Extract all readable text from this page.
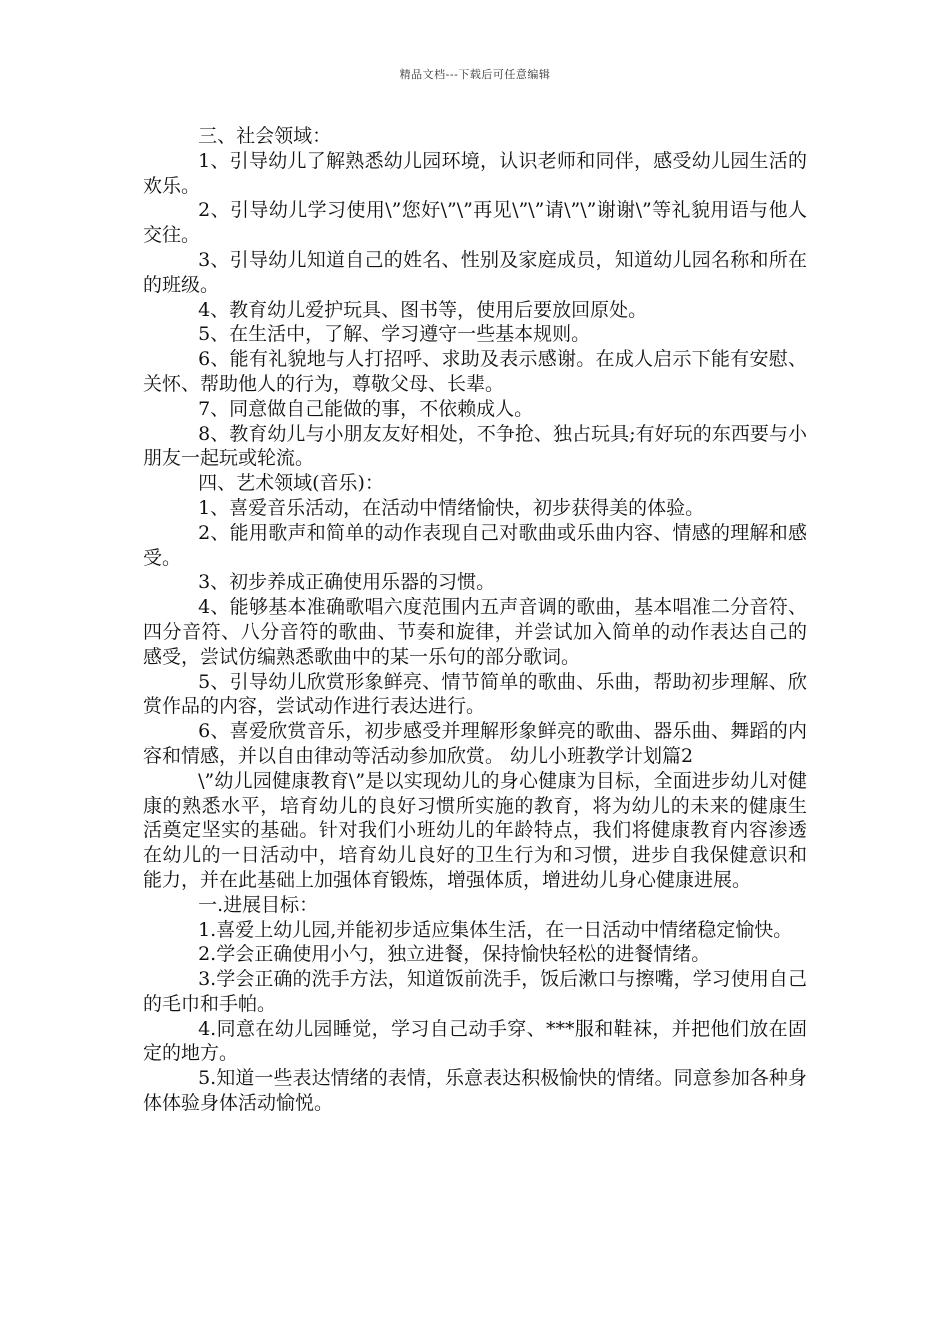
精品文档---下载后可任意编辑

三、社会领域：

1、引导幼儿了解熟悉幼儿园环境，认识老师和同伴，感受幼儿园生活的欢乐。

2、引导幼儿学习使用\”您好\”\”再见\”\”请\”\”谢谢\”等礼貌用语与他人交往。

3、引导幼儿知道自己的姓名、性别及家庭成员，知道幼儿园名称和所在的班级。

4、教育幼儿爱护玩具、图书等，使用后要放回原处。

5、在生活中，了解、学习遵守一些基本规则。

6、能有礼貌地与人打招呼、求助及表示感谢。在成人启示下能有安慰、关怀、帮助他人的行为，尊敬父母、长辈。

7、同意做自己能做的事，不依赖成人。

8、教育幼儿与小朋友友好相处，不争抢、独占玩具;有好玩的东西要与小朋友一起玩或轮流。

四、艺术领域(音乐)：

1、喜爱音乐活动，在活动中情绪愉快，初步获得美的体验。

2、能用歌声和简单的动作表现自己对歌曲或乐曲内容、情感的理解和感受。

3、初步养成正确使用乐器的习惯。

4、能够基本准确歌唱六度范围内五声音调的歌曲，基本唱准二分音符、四分音符、八分音符的歌曲、节奏和旋律，并尝试加入简单的动作表达自己的感受，尝试仿编熟悉歌曲中的某一乐句的部分歌词。

5、引导幼儿欣赏形象鲜亮、情节简单的歌曲、乐曲，帮助初步理解、欣赏作品的内容，尝试动作进行表达进行。

6、喜爱欣赏音乐，初步感受并理解形象鲜亮的歌曲、器乐曲、舞蹈的内容和情感，并以自由律动等活动参加欣赏。 幼儿小班教学计划篇2

\”幼儿园健康教育\”是以实现幼儿的身心健康为目标，全面进步幼儿对健康的熟悉水平，培育幼儿的良好习惯所实施的教育，将为幼儿的未来的健康生活奠定坚实的基础。针对我们小班幼儿的年龄特点，我们将健康教育内容渗透在幼儿的一日活动中，培育幼儿良好的卫生行为和习惯，进步自我保健意识和能力，并在此基础上加强体育锻炼，增强体质，增进幼儿身心健康进展。

一.进展目标：

1.喜爱上幼儿园,并能初步适应集体生活，在一日活动中情绪稳定愉快。

2.学会正确使用小勺，独立进餐，保持愉快轻松的进餐情绪。

3.学会正确的洗手方法，知道饭前洗手，饭后漱口与擦嘴，学习使用自己的毛巾和手帕。

4.同意在幼儿园睡觉，学习自己动手穿、***服和鞋袜，并把他们放在固定的地方。

5.知道一些表达情绪的表情，乐意表达积极愉快的情绪。同意参加各种身体体验身体活动愉悦。
